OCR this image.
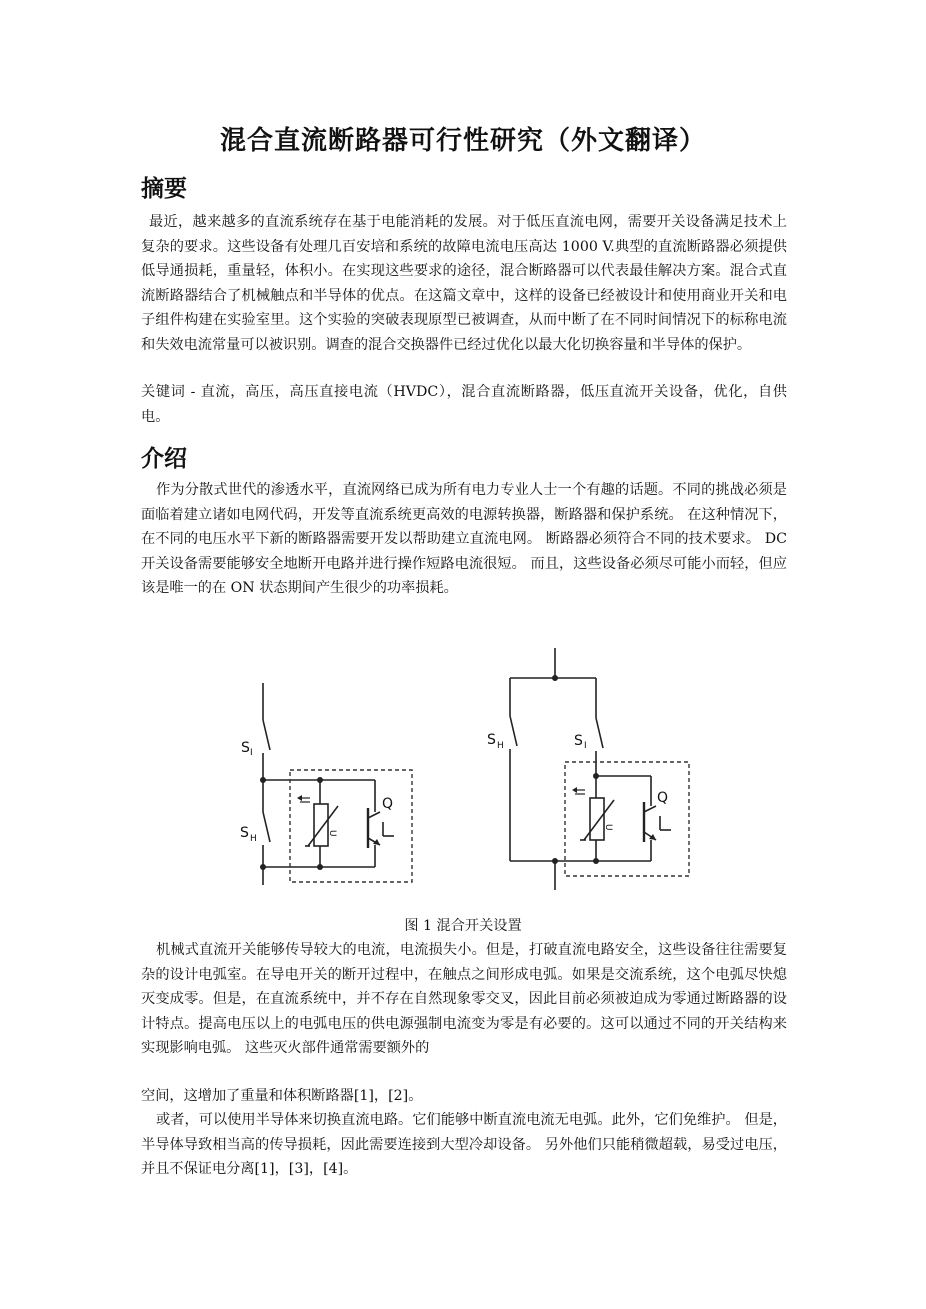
混合直流断路器可行性研究（外文翻译）
摘要

最近，越来越多的直流系统存在基于电能消耗的发展。对于低压直流电网，需要开关设备满足技术上复杂的要求。这些设备有处理几百安培和系统的故障电流电压高达 1000 V.典型的直流断路器必须提供低导通损耗，重量轻，体积小。在实现这些要求的途径，混合断路器可以代表最佳解决方案。混合式直流断路器结合了机械触点和半导体的优点。在这篇文章中，这样的设备已经被设计和使用商业开关和电子组件构建在实验室里。这个实验的突破表现原型已被调查，从而中断了在不同时间情况下的标称电流和失效电流常量可以被识别。调查的混合交换器件已经过优化以最大化切换容量和半导体的保护。

关键词 - 直流，高压，高压直接电流（HVDC），混合直流断路器，低压直流开关设备，优化，自供电。

介绍

作为分散式世代的渗透水平，直流网络已成为所有电力专业人士一个有趣的话题。不同的挑战必须是面临着建立诸如电网代码，开发等直流系统更高效的电源转换器，断路器和保护系统。 在这种情况下，在不同的电压水平下新的断路器需要开发以帮助建立直流电网。 断路器必须符合不同的技术要求。 DC 开关设备需要能够安全地断开电路并进行操作短路电流很短。 而且，这些设备必须尽可能小而轻，但应该是唯一的在 ON 状态期间产生很少的功率损耗。

S I
S H
Q
U
S H	S I
Q
U

图 1 混合开关设置

机械式直流开关能够传导较大的电流，电流损失小。但是，打破直流电路安全，这些设备往往需要复杂的设计电弧室。在导电开关的断开过程中，在触点之间形成电弧。如果是交流系统，这个电弧尽快熄灭变成零。但是，在直流系统中，并不存在自然现象零交叉，因此目前必须被迫成为零通过断路器的设计特点。提高电压以上的电弧电压的供电源强制电流变为零是有必要的。这可以通过不同的开关结构来实现影响电弧。 这些灭火部件通常需要额外的

空间，这增加了重量和体积断路器[1]，[2]。

或者，可以使用半导体来切换直流电路。它们能够中断直流电流无电弧。此外，它们免维护。 但是，半导体导致相当高的传导损耗，因此需要连接到大型冷却设备。 另外他们只能稍微超载，易受过电压，并且不保证电分离[1]，[3]，[4]。
